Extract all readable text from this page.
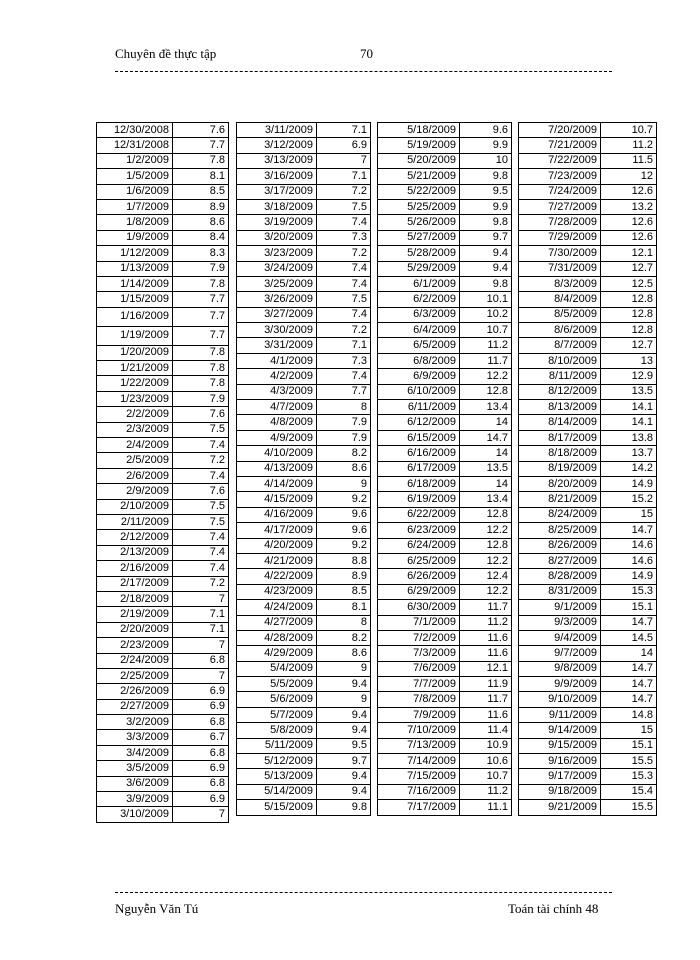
Chuyên đề thực tập	70
12/30/2008	7.6
12/31/2008	7.7
1/2/2009	7.8
1/5/2009	8.1
1/6/2009	8.5
1/7/2009	8.9
1/8/2009	8.6
1/9/2009	8.4
1/12/2009	8.3
1/13/2009	7.9
1/14/2009	7.8
1/15/2009	7.7
1/16/2009	7.7
1/19/2009	7.7
1/20/2009	7.8
1/21/2009	7.8
1/22/2009	7.8
1/23/2009	7.9
2/2/2009	7.6
2/3/2009	7.5
2/4/2009	7.4
2/5/2009	7.2
2/6/2009	7.4
2/9/2009	7.6
2/10/2009	7.5
2/11/2009	7.5
2/12/2009	7.4
2/13/2009	7.4
2/16/2009	7.4
2/17/2009	7.2
2/18/2009	7
2/19/2009	7.1
2/20/2009	7.1
2/23/2009	7
2/24/2009	6.8
2/25/2009	7
2/26/2009	6.9
2/27/2009	6.9
3/2/2009	6.8
3/3/2009	6.7
3/4/2009	6.8
3/5/2009	6.9
3/6/2009	6.8
3/9/2009	6.9
3/10/2009	7
3/11/2009	7.1
3/12/2009	6.9
3/13/2009	7
3/16/2009	7.1
3/17/2009	7.2
3/18/2009	7.5
3/19/2009	7.4
3/20/2009	7.3
3/23/2009	7.2
3/24/2009	7.4
3/25/2009	7.4
3/26/2009	7.5
3/27/2009	7.4
3/30/2009	7.2
3/31/2009	7.1
4/1/2009	7.3
4/2/2009	7.4
4/3/2009	7.7
4/7/2009	8
4/8/2009	7.9
4/9/2009	7.9
4/10/2009	8.2
4/13/2009	8.6
4/14/2009	9
4/15/2009	9.2
4/16/2009	9.6
4/17/2009	9.6
4/20/2009	9.2
4/21/2009	8.8
4/22/2009	8.9
4/23/2009	8.5
4/24/2009	8.1
4/27/2009	8
4/28/2009	8.2
4/29/2009	8.6
5/4/2009	9
5/5/2009	9.4
5/6/2009	9
5/7/2009	9.4
5/8/2009	9.4
5/11/2009	9.5
5/12/2009	9.7
5/13/2009	9.4
5/14/2009	9.4
5/15/2009	9.8
5/18/2009	9.6
5/19/2009	9.9
5/20/2009	10
5/21/2009	9.8
5/22/2009	9.5
5/25/2009	9.9
5/26/2009	9.8
5/27/2009	9.7
5/28/2009	9.4
5/29/2009	9.4
6/1/2009	9.8
6/2/2009	10.1
6/3/2009	10.2
6/4/2009	10.7
6/5/2009	11.2
6/8/2009	11.7
6/9/2009	12.2
6/10/2009	12.8
6/11/2009	13.4
6/12/2009	14
6/15/2009	14.7
6/16/2009	14
6/17/2009	13.5
6/18/2009	14
6/19/2009	13.4
6/22/2009	12.8
6/23/2009	12.2
6/24/2009	12.8
6/25/2009	12.2
6/26/2009	12.4
6/29/2009	12.2
6/30/2009	11.7
7/1/2009	11.2
7/2/2009	11.6
7/3/2009	11.6
7/6/2009	12.1
7/7/2009	11.9
7/8/2009	11.7
7/9/2009	11.6
7/10/2009	11.4
7/13/2009	10.9
7/14/2009	10.6
7/15/2009	10.7
7/16/2009	11.2
7/17/2009	11.1
7/20/2009	10.7
7/21/2009	11.2
7/22/2009	11.5
7/23/2009	12
7/24/2009	12.6
7/27/2009	13.2
7/28/2009	12.6
7/29/2009	12.6
7/30/2009	12.1
7/31/2009	12.7
8/3/2009	12.5
8/4/2009	12.8
8/5/2009	12.8
8/6/2009	12.8
8/7/2009	12.7
8/10/2009	13
8/11/2009	12.9
8/12/2009	13.5
8/13/2009	14.1
8/14/2009	14.1
8/17/2009	13.8
8/18/2009	13.7
8/19/2009	14.2
8/20/2009	14.9
8/21/2009	15.2
8/24/2009	15
8/25/2009	14.7
8/26/2009	14.6
8/27/2009	14.6
8/28/2009	14.9
8/31/2009	15.3
9/1/2009	15.1
9/3/2009	14.7
9/4/2009	14.5
9/7/2009	14
9/8/2009	14.7
9/9/2009	14.7
9/10/2009	14.7
9/11/2009	14.8
9/14/2009	15
9/15/2009	15.1
9/16/2009	15.5
9/17/2009	15.3
9/18/2009	15.4
9/21/2009	15.5
Nguyễn Văn Tú	Toán tài chính 48
